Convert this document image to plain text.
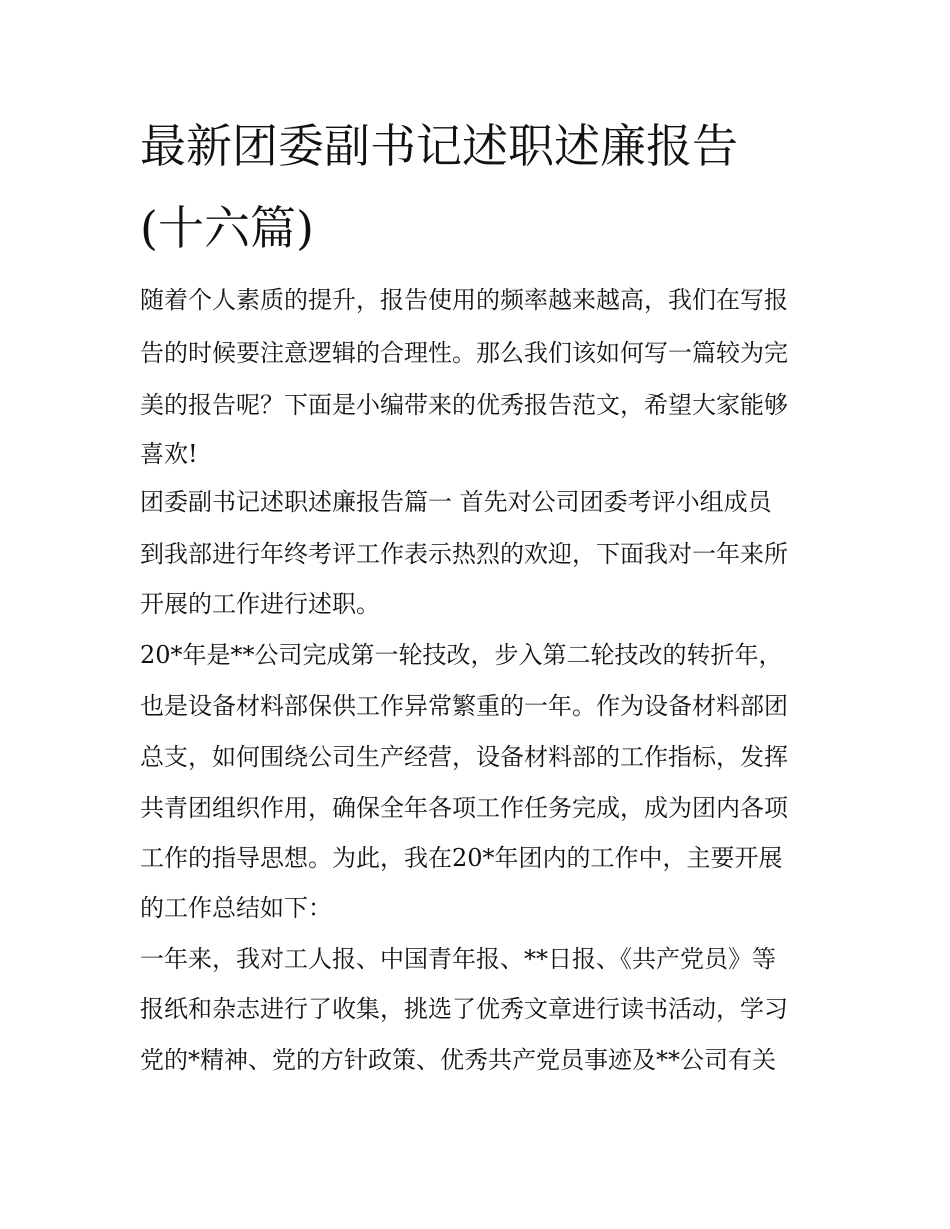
最新团委副书记述职述廉报告
(十六篇)
随着个人素质的提升，报告使用的频率越来越高，我们在写报
告的时候要注意逻辑的合理性。那么我们该如何写一篇较为完
美的报告呢？下面是小编带来的优秀报告范文，希望大家能够
喜欢!
团委副书记述职述廉报告篇一 首先对公司团委考评小组成员
到我部进行年终考评工作表示热烈的欢迎，下面我对一年来所
开展的工作进行述职。
20*年是**公司完成第一轮技改，步入第二轮技改的转折年，
也是设备材料部保供工作异常繁重的一年。作为设备材料部团
总支，如何围绕公司生产经营，设备材料部的工作指标，发挥
共青团组织作用，确保全年各项工作任务完成，成为团内各项
工作的指导思想。为此，我在20*年团内的工作中，主要开展
的工作总结如下：
一年来，我对工人报、中国青年报、**日报、《共产党员》等
报纸和杂志进行了收集，挑选了优秀文章进行读书活动，学习
党的*精神、党的方针政策、优秀共产党员事迹及**公司有关
